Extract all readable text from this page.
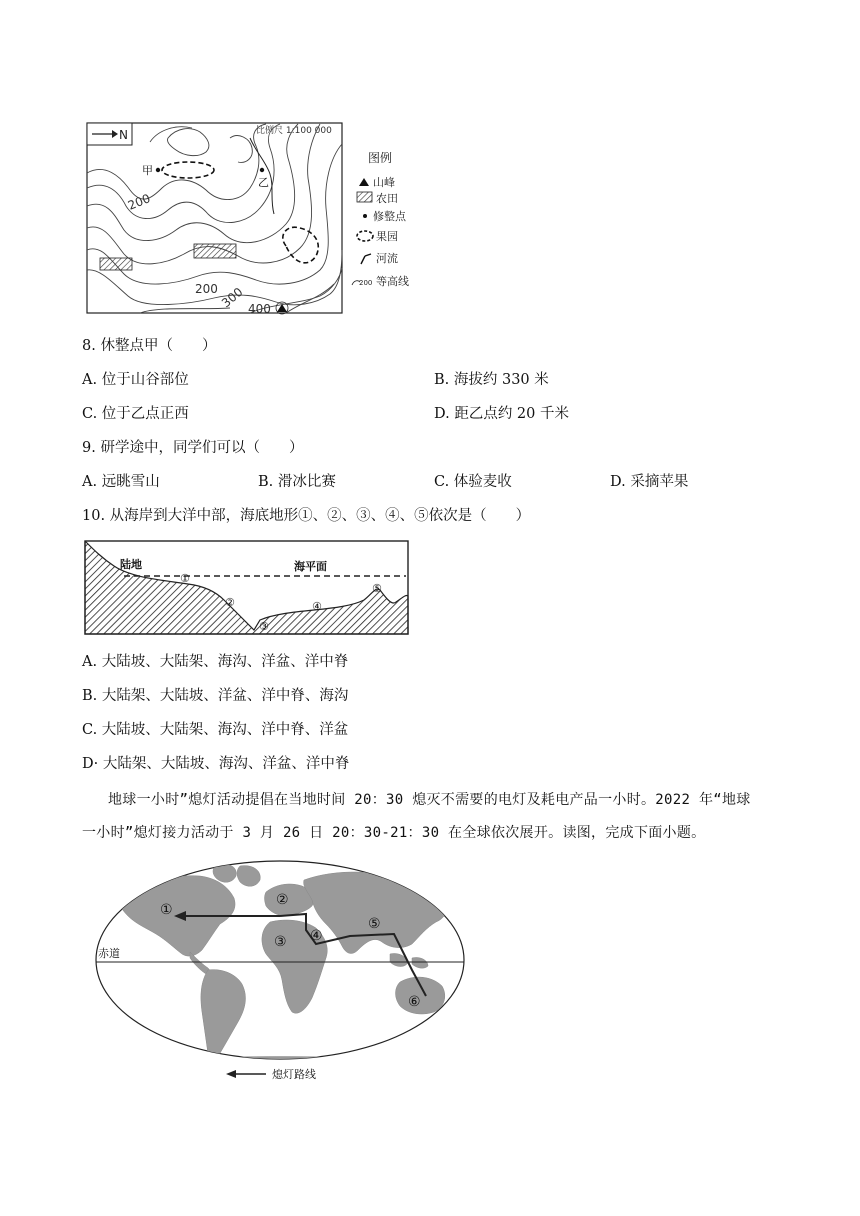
N	比例尺 1:100 000
甲
乙
200
200 300 400
图例
山峰
农田
修整点
果园
河流
200 等高线
8. 休整点甲（　　）
A. 位于山谷部位	B. 海拔约 330 米
C. 位于乙点正西	D. 距乙点约 20 千米
9. 研学途中，同学们可以（　　）
A. 远眺雪山	B. 滑冰比赛	C. 体验麦收	D. 采摘苹果
10. 从海岸到大洋中部，海底地形①、②、③、④、⑤依次是（　　）
陆地	海平面
①
②
③
④
⑤
A. 大陆坡、大陆架、海沟、洋盆、洋中脊
B. 大陆架、大陆坡、洋盆、洋中脊、海沟
C. 大陆坡、大陆架、海沟、洋中脊、洋盆
D· 大陆架、大陆坡、海沟、洋盆、洋中脊
地球一小时”熄灯活动提倡在当地时间 20：30 熄灭不需要的电灯及耗电产品一小时。2022 年“地球
一小时”熄灯接力活动于 3 月 26 日 20：30-21：30 在全球依次展开。读图，完成下面小题。
赤道
①
②
③ ④
⑤
⑥
熄灯路线
